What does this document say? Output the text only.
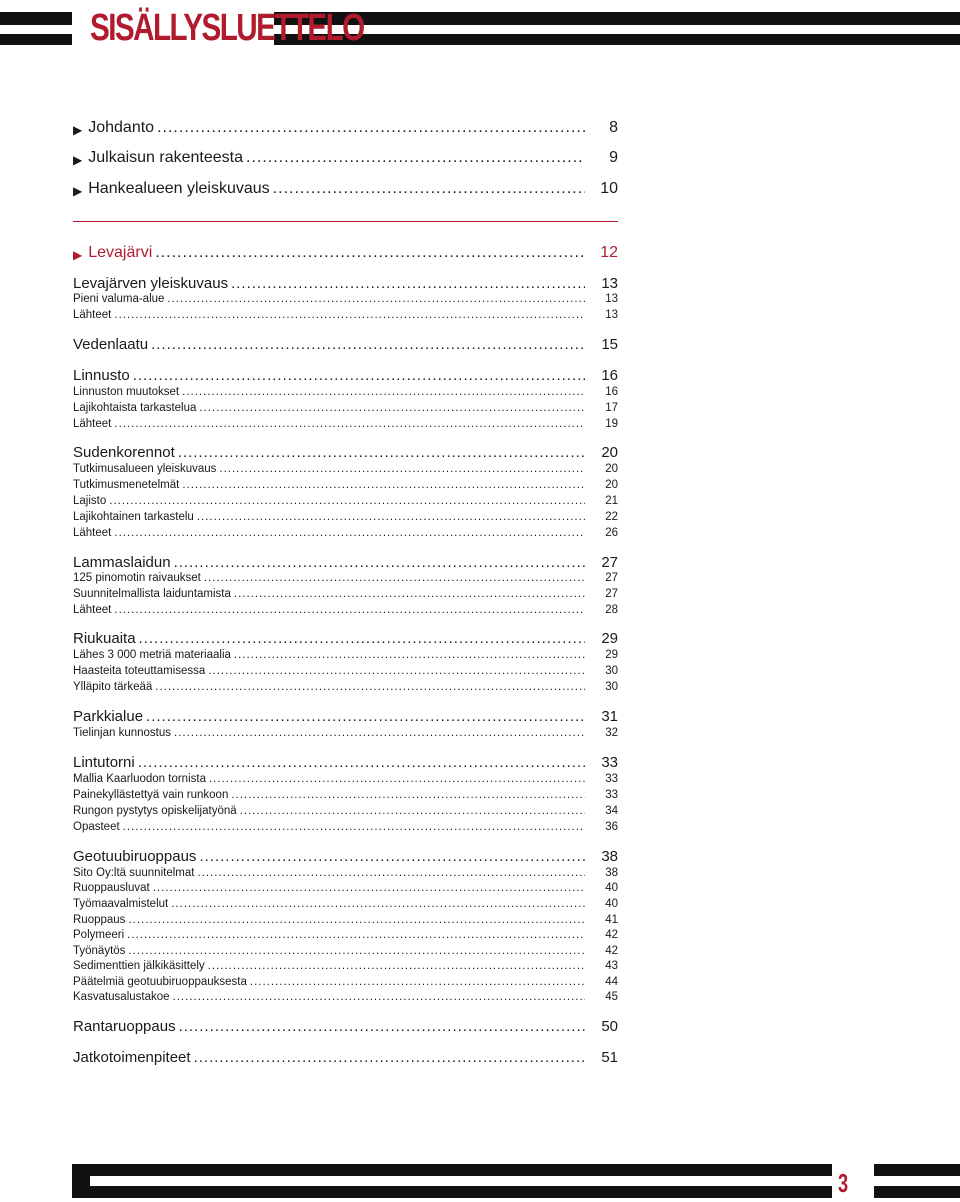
SISÄLLYSLUETTELO
▶ Johdanto .....	8
▶ Julkaisun rakenteesta .....	9
▶ Hankealueen yleiskuvaus .....	10
▶ Levajärvi .....	12
Levajärven yleiskuvaus .....	13
Pieni valuma-alue .....	13
Lähteet .....	13
Vedenlaatu .....	15
Linnusto .....	16
Linnuston muutokset .....	16
Lajikohtaista tarkastelua .....	17
Lähteet .....	19
Sudenkorennot .....	20
Tutkimusalueen yleiskuvaus .....	20
Tutkimusmenetelmät .....	20
Lajisto .....	21
Lajikohtainen tarkastelu .....	22
Lähteet .....	26
Lammaslaidun .....	27
125 pinomotin raivaukset .....	27
Suunnitelmallista laiduntamista .....	27
Lähteet .....	28
Riukuaita .....	29
Lähes 3 000 metriä materiaalia .....	29
Haasteita toteuttamisessa .....	30
Ylläpito tärkeää .....	30
Parkkialue .....	31
Tielinjan kunnostus .....	32
Lintutorni .....	33
Mallia Kaarluodon tornista .....	33
Painekyllästettyä vain runkoon .....	33
Rungon pystytys opiskelijatyönä .....	34
Opasteet .....	36
Geotuubiruoppaus .....	38
Sito Oy:ltä suunnitelmat .....	38
Ruoppausluvat .....	40
Työmaavalmistelut .....	40
Ruoppaus .....	41
Polymeeri .....	42
Työnäytös .....	42
Sedimenttien jälkikäsittely .....	43
Päätelmiä geotuubiruoppauksesta .....	44
Kasvatusalustakoe .....	45
Rantaruoppaus .....	50
Jatkotoimenpiteet .....	51

3
